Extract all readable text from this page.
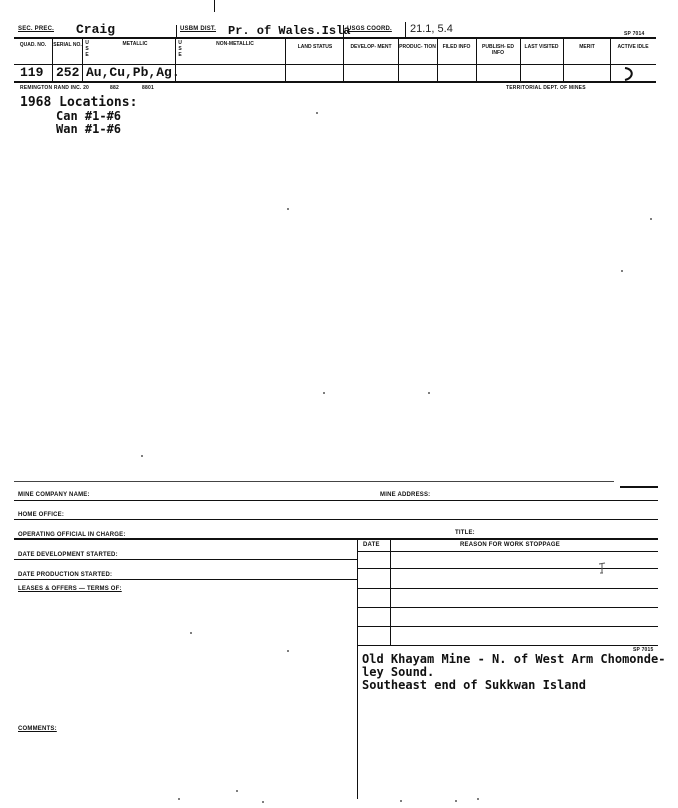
SEC. PREC. Craig	USBM DIST. Pr. of Wales.Isla
USGS COORD. 21.1, 5.4	SP 7014
QUAD. NO.	SERIAL NO. U S E
METALLIC	U S E
NON-METALLIC	LAND STATUS	DEVELOP- MENT	PRODUC- TION	FILED INFO	PUBLISH- ED INFO
LAST VISITED	MERIT	ACTIVE IDLE
119 252 Au,Cu,Pb,Ag.
REMINGTON RAND INC. 20	882	8801	TERRITORIAL DEPT. OF MINES
1968 Locations:
Can #1-#6
Wan #1-#6
MINE COMPANY NAME:	MINE ADDRESS:
HOME OFFICE:
OPERATING OFFICIAL IN CHARGE:	TITLE:
DATE	REASON FOR WORK STOPPAGE
DATE DEVELOPMENT STARTED:
DATE PRODUCTION STARTED:
LEASES & OFFERS — TERMS OF:
SP 7015
Old Khayam Mine - N. of West Arm Chomonde-
ley Sound.
Southeast end of Sukkwan Island
COMMENTS:
